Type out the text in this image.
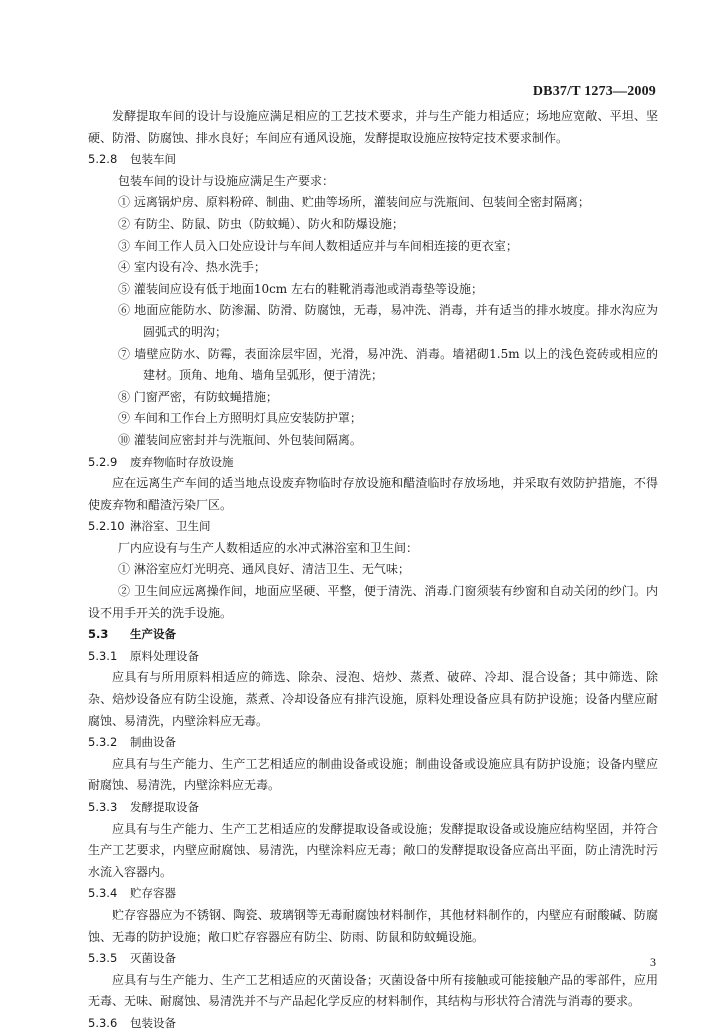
DB37/T 1273—2009

发酵提取车间的设计与设施应满足相应的工艺技术要求，并与生产能力相适应；场地应宽敞、平坦、坚硬、防滑、防腐蚀、排水良好；车间应有通风设施，发酵提取设施应按特定技术要求制作。

5.2.8 包装车间

包装车间的设计与设施应满足生产要求：

① 远离锅炉房、原料粉碎、制曲、贮曲等场所，灌装间应与洗瓶间、包装间全密封隔离；

② 有防尘、防鼠、防虫（防蚊蝇）、防火和防爆设施；

③ 车间工作人员入口处应设计与车间人数相适应并与车间相连接的更衣室；

④ 室内设有冷、热水洗手；

⑤ 灌装间应设有低于地面10cm 左右的鞋靴消毒池或消毒垫等设施；

⑥ 地面应能防水、防渗漏、防滑、防腐蚀，无毒，易冲洗、消毒，并有适当的排水坡度。排水沟应为圆弧式的明沟；

⑦ 墙壁应防水、防霉，表面涂层牢固，光滑，易冲洗、消毒。墙裙砌1.5m 以上的浅色瓷砖或相应的建材。顶角、地角、墙角呈弧形，便于清洗；

⑧ 门窗严密，有防蚊蝇措施；

⑨ 车间和工作台上方照明灯具应安装防护罩；

⑩ 灌装间应密封并与洗瓶间、外包装间隔离。

5.2.9 废弃物临时存放设施

应在远离生产车间的适当地点设废弃物临时存放设施和醋渣临时存放场地，并采取有效防护措施，不得使废弃物和醋渣污染厂区。

5.2.10 淋浴室、卫生间

厂内应设有与生产人数相适应的水冲式淋浴室和卫生间：

① 淋浴室应灯光明亮、通风良好、清洁卫生、无气味；

② 卫生间应远离操作间，地面应坚硬、平整，便于清洗、消毒.门窗须装有纱窗和自动关闭的纱门。内设不用手开关的洗手设施。

5.3 生产设备

5.3.1 原料处理设备

应具有与所用原料相适应的筛选、除杂、浸泡、焙炒、蒸煮、破碎、冷却、混合设备；其中筛选、除杂、焙炒设备应有防尘设施，蒸煮、冷却设备应有排汽设施，原料处理设备应具有防护设施；设备内壁应耐腐蚀、易清洗，内壁涂料应无毒。

5.3.2 制曲设备

应具有与生产能力、生产工艺相适应的制曲设备或设施；制曲设备或设施应具有防护设施；设备内壁应耐腐蚀、易清洗，内壁涂料应无毒。

5.3.3 发酵提取设备

应具有与生产能力、生产工艺相适应的发酵提取设备或设施；发酵提取设备或设施应结构坚固，并符合生产工艺要求，内壁应耐腐蚀、易清洗，内壁涂料应无毒；敞口的发酵提取设备应高出平面，防止清洗时污水流入容器内。

5.3.4 贮存容器

贮存容器应为不锈钢、陶瓷、玻璃钢等无毒耐腐蚀材料制作，其他材料制作的，内壁应有耐酸碱、防腐蚀、无毒的防护设施；敞口贮存容器应有防尘、防雨、防鼠和防蚊蝇设施。

5.3.5 灭菌设备

应具有与生产能力、生产工艺相适应的灭菌设备；灭菌设备中所有接触或可能接触产品的零部件，应用无毒、无味、耐腐蚀、易清洗并不与产品起化学反应的材料制作，其结构与形状符合清洗与消毒的要求。

5.3.6 包装设备

3
